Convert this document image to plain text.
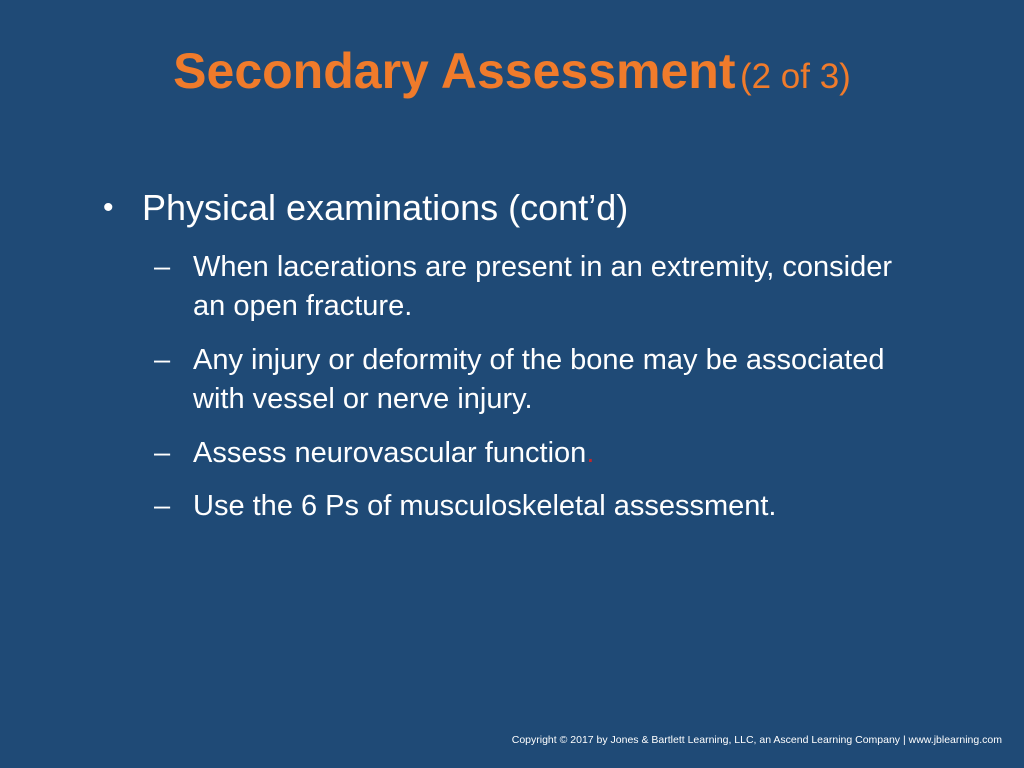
Secondary Assessment (2 of 3)
• Physical examinations (cont’d)
– When lacerations are present in an extremity, consider an open fracture.
– Any injury or deformity of the bone may be associated with vessel or nerve injury.
– Assess neurovascular function.
– Use the 6 Ps of musculoskeletal assessment.
Copyright © 2017 by Jones & Bartlett Learning, LLC, an Ascend Learning Company | www.jblearning.com
